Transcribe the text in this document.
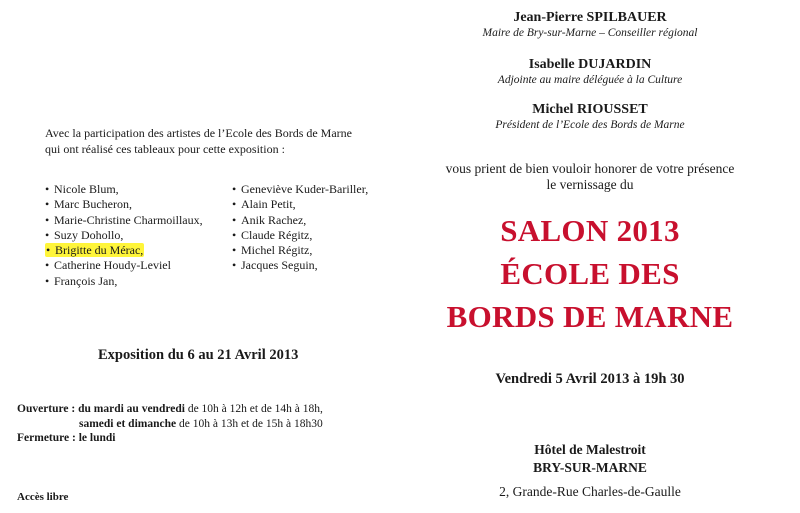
Avec la participation des artistes de l’Ecole des Bords de Marne
qui ont réalisé ces tableaux pour cette exposition :
• Nicole Blum,
• Marc Bucheron,
• Marie-Christine Charmoillaux,
• Suzy Dohollo,
• Brigitte du Mérac,
• Catherine Houdy-Leviel
• François Jan,
• Geneviève Kuder-Bariller,
• Alain Petit,
• Anik Rachez,
• Claude Régitz,
• Michel Régitz,
• Jacques Seguin,
Exposition du 6 au 21 Avril 2013
Ouverture : du mardi au vendredi de 10h à 12h et de 14h à 18h,
samedi et dimanche de 10h à 13h et de 15h à 18h30
Fermeture : le lundi
Accès libre
Jean-Pierre SPILBAUER
Maire de Bry-sur-Marne – Conseiller régional
Isabelle DUJARDIN
Adjointe au maire déléguée à la Culture
Michel RIOUSSET
Président de l’Ecole des Bords de Marne
vous prient de bien vouloir honorer de votre présence
le vernissage du
SALON 2013
ÉCOLE DES
BORDS DE MARNE
Vendredi 5 Avril 2013 à 19h 30
Hôtel de Malestroit
BRY-SUR-MARNE
2, Grande-Rue Charles-de-Gaulle
